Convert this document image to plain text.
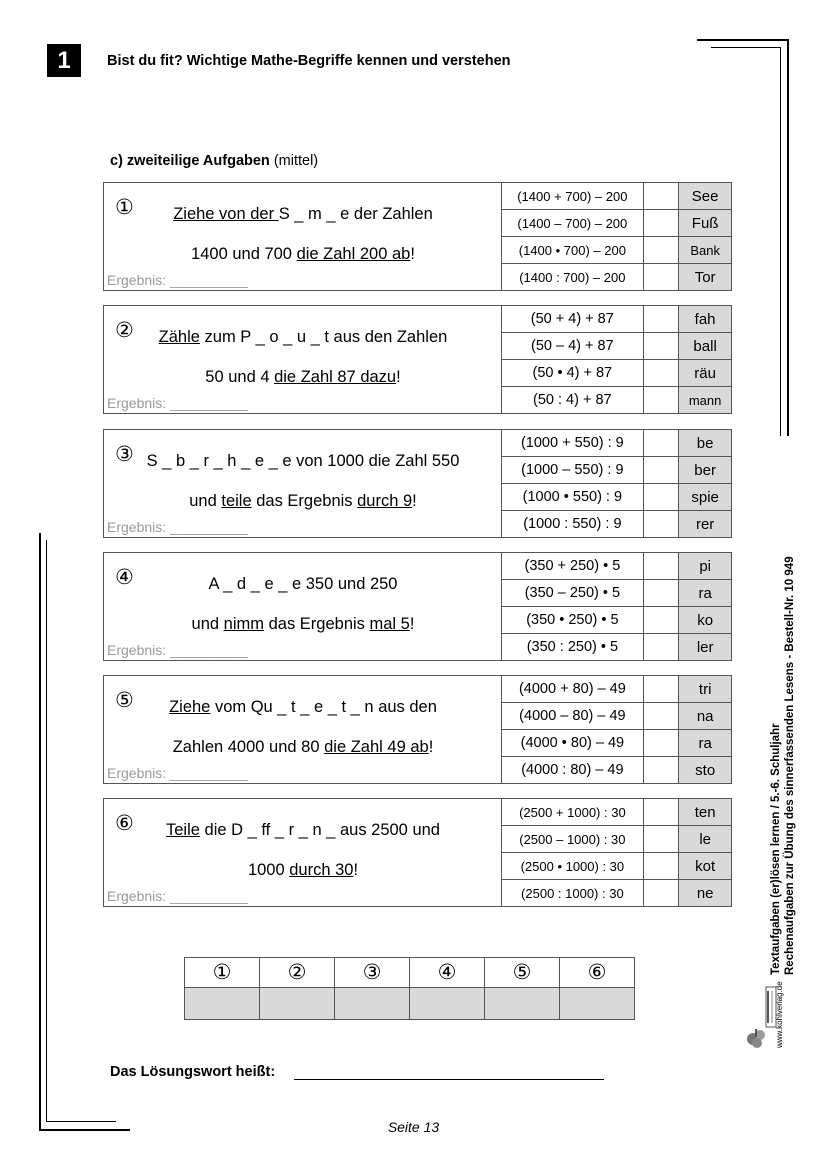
1	Bist du fit? Wichtige Mathe-Begriffe kennen und verstehen
c) zweiteilige Aufgaben (mittel)
①	Ziehe von der S _ m _ e der Zahlen
1400 und 700 die Zahl 200 ab!
Ergebnis: __________
(1400 + 700) – 200		See
(1400 – 700) – 200		Fuß
(1400 • 700) – 200		Bank
(1400 : 700) – 200		Tor
②	Zähle zum P _ o _ u _ t aus den Zahlen
50 und 4 die Zahl 87 dazu!
Ergebnis: __________
(50 + 4) + 87		fah
(50 – 4) + 87		ball
(50 • 4) + 87		räu
(50 : 4) + 87		mann
③ S _ b _ r _ h _ e _ e von 1000 die Zahl 550
und teile das Ergebnis durch 9!
Ergebnis: __________
(1000 + 550) : 9		be
(1000 – 550) : 9		ber
(1000 • 550) : 9		spie
(1000 : 550) : 9		rer
④	A _ d _ e _ e 350 und 250
und nimm das Ergebnis mal 5!
Ergebnis: __________
(350 + 250) • 5		pi
(350 – 250) • 5		ra
(350 • 250) • 5		ko
(350 : 250) • 5		ler
⑤	Ziehe vom Qu _ t _ e _ t _ n aus den
Zahlen 4000 und 80 die Zahl 49 ab!
Ergebnis: __________
(4000 + 80) – 49		tri
(4000 – 80) – 49		na
(4000 • 80) – 49		ra
(4000 : 80) – 49		sto
⑥	Teile die D _ ff _ r _ n _ aus 2500 und
1000 durch 30!
Ergebnis: __________
(2500 + 1000) : 30		ten
(2500 – 1000) : 30		le
(2500 • 1000) : 30		kot
(2500 : 1000) : 30		ne
①	②	③	④	⑤	⑥

Das Lösungswort heißt:
Seite 13
Textaufgaben (er)lösen lernen / 5.-6. Schuljahr Rechenaufgaben zur Übung des sinnerfassenden Lesens - Bestell-Nr. 10 949
www.kohlverlag.de
